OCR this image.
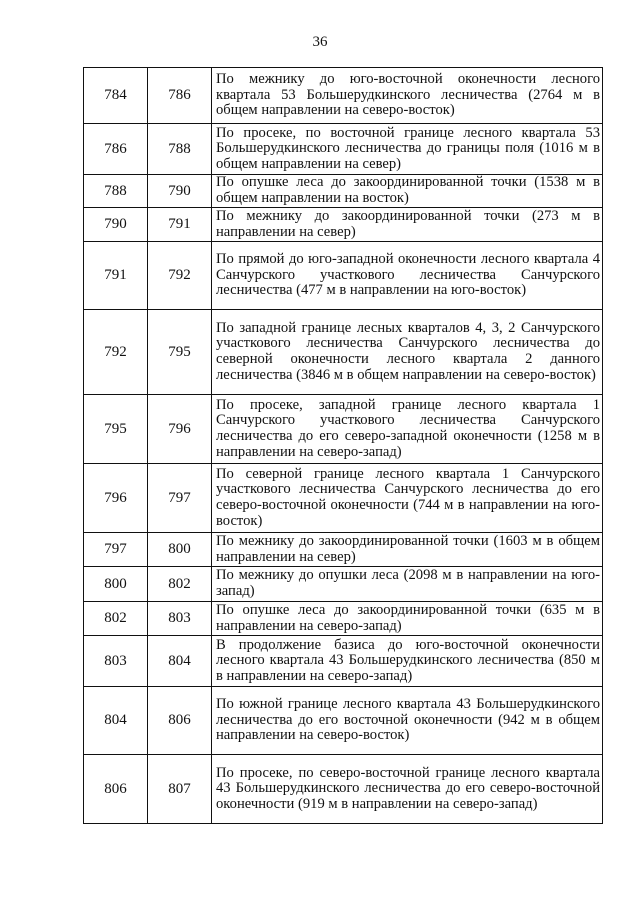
36
784	786	По межнику до юго-восточной оконечности лесного квартала 53 Большерудкинского лесничества (2764 м в общем направлении на северо-восток)

786	788	По просеке, по восточной границе лесного квартала 53 Большерудкинского лесничества до границы поля (1016 м в общем направлении на север)

788	790	По опушке леса до закоординированной точки (1538 м в общем направлении на восток)

790	791	По межнику до закоординированной точки (273 м в направлении на север)

791	792	По прямой до юго-западной оконечности лесного квартала 4 Санчурского участкового лесничества Санчурского лесничества (477 м в направлении на юго-восток)

792	795	По западной границе лесных кварталов 4, 3, 2 Санчурского участкового лесничества Санчурского лесничества до северной оконечности лесного квартала 2 данного лесничества (3846 м в общем направлении на северо-восток)

795	796	По просеке, западной границе лесного квартала 1 Санчурского участкового лесничества Санчурского лесничества до его северо-западной оконечности (1258 м в направлении на северо-запад)

796	797	По северной границе лесного квартала 1 Санчурского участкового лесничества Санчурского лесничества до его северо-восточной оконечности (744 м в направлении на юго-восток)

797	800	По межнику до закоординированной точки (1603 м в общем направлении на север)

800	802	По межнику до опушки леса (2098 м в направлении на юго-запад)

802	803	По опушке леса до закоординированной точки (635 м в направлении на северо-запад)

803	804	В продолжение базиса до юго-восточной оконечности лесного квартала 43 Большерудкинского лесничества (850 м в направлении на северо-запад)

804	806	По южной границе лесного квартала 43 Большерудкинского лесничества до его восточной оконечности (942 м в общем направлении на северо-восток)

806	807	По просеке, по северо-восточной границе лесного квартала 43 Большерудкинского лесничества до его северо-восточной оконечности (919 м в направлении на северо-запад)
